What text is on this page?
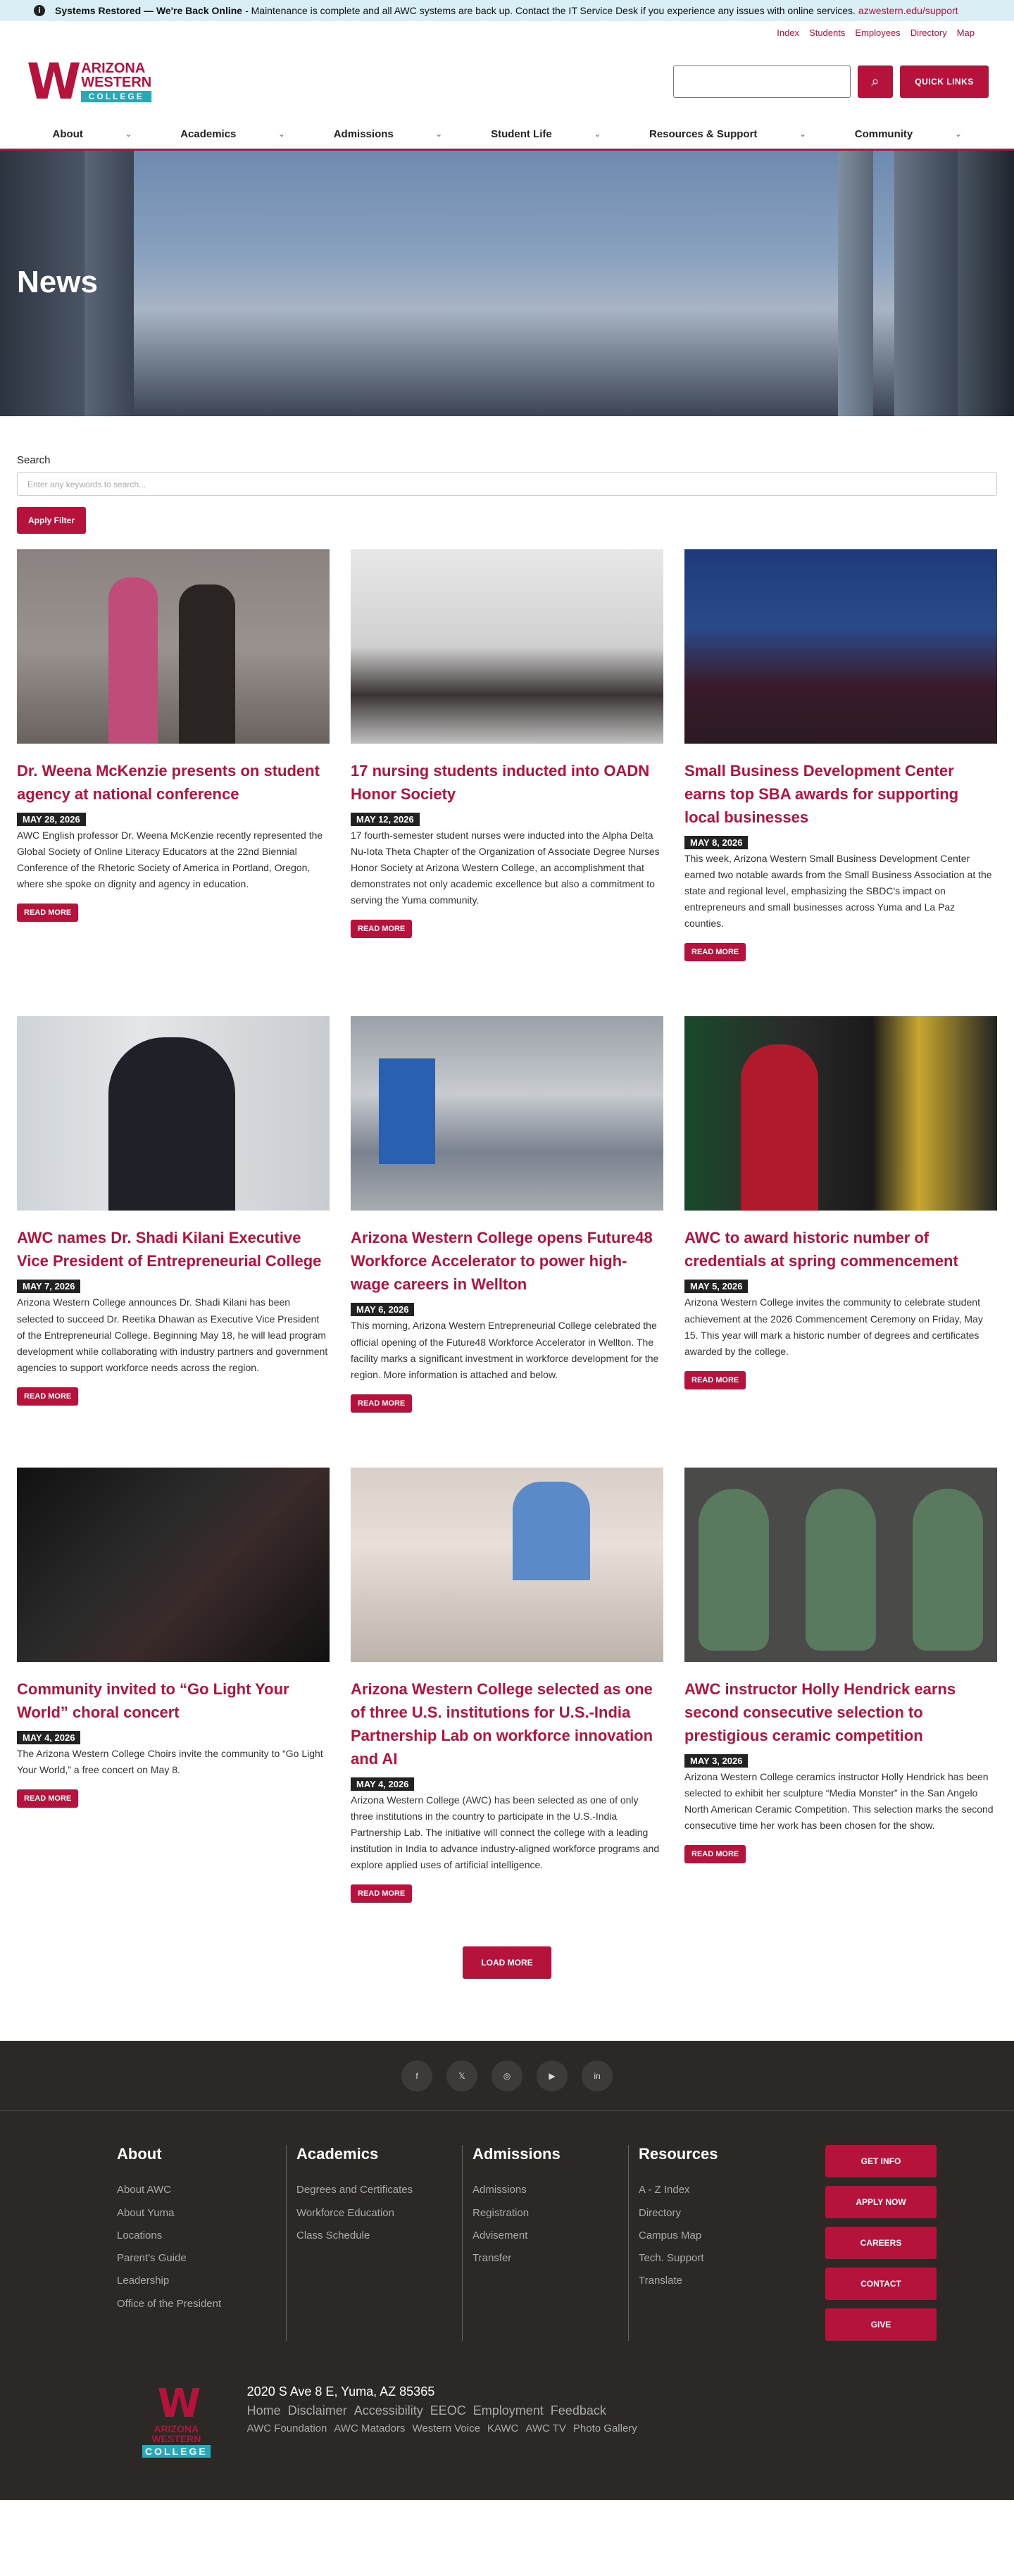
i	Systems Restored — We're Back Online - Maintenance is complete and all AWC systems are back up. Contact the IT Service Desk if you experience any issues with online services. azwestern.edu/support
Index Students Employees Directory Map
W ARIZONA
WESTERN
COLLEGE
⌕	QUICK LINKS
About	⌄	Academics	⌄	Admissions	⌄	Student Life	⌄	Resources & Support	⌄	Community	⌄
News
Search
Enter any keywords to search...
Apply Filter
Dr. Weena McKenzie presents on student agency at national conference
MAY 28, 2026

AWC English professor Dr. Weena McKenzie recently represented the Global Society of Online Literacy Educators at the 22nd Biennial Conference of the Rhetoric Society of America in Portland, Oregon, where she spoke on dignity and agency in education.

READ MORE
17 nursing students inducted into OADN Honor Society
MAY 12, 2026

17 fourth-semester student nurses were inducted into the Alpha Delta Nu-Iota Theta Chapter of the Organization of Associate Degree Nurses Honor Society at Arizona Western College, an accomplishment that demonstrates not only academic excellence but also a commitment to serving the Yuma community.

READ MORE
Small Business Development Center earns top SBA awards for supporting local businesses
MAY 8, 2026

This week, Arizona Western Small Business Development Center earned two notable awards from the Small Business Association at the state and regional level, emphasizing the SBDC's impact on entrepreneurs and small businesses across Yuma and La Paz counties.

READ MORE
AWC names Dr. Shadi Kilani Executive Vice President of Entrepreneurial College
MAY 7, 2026

Arizona Western College announces Dr. Shadi Kilani has been selected to succeed Dr. Reetika Dhawan as Executive Vice President of the Entrepreneurial College. Beginning May 18, he will lead program development while collaborating with industry partners and government agencies to support workforce needs across the region.

READ MORE
Arizona Western College opens Future48 Workforce Accelerator to power high-wage careers in Wellton
MAY 6, 2026

This morning, Arizona Western Entrepreneurial College celebrated the official opening of the Future48 Workforce Accelerator in Wellton. The facility marks a significant investment in workforce development for the region. More information is attached and below.

READ MORE
AWC to award historic number of credentials at spring commencement
MAY 5, 2026

Arizona Western College invites the community to celebrate student achievement at the 2026 Commencement Ceremony on Friday, May 15. This year will mark a historic number of degrees and certificates awarded by the college.

READ MORE
Community invited to “Go Light Your World” choral concert
MAY 4, 2026

The Arizona Western College Choirs invite the community to “Go Light Your World,” a free concert on May 8.

READ MORE
Arizona Western College selected as one of three U.S. institutions for U.S.-India Partnership Lab on workforce innovation and AI
MAY 4, 2026

Arizona Western College (AWC) has been selected as one of only three institutions in the country to participate in the U.S.-India Partnership Lab. The initiative will connect the college with a leading institution in India to advance industry-aligned workforce programs and explore applied uses of artificial intelligence.

READ MORE
AWC instructor Holly Hendrick earns second consecutive selection to prestigious ceramic competition
MAY 3, 2026

Arizona Western College ceramics instructor Holly Hendrick has been selected to exhibit her sculpture “Media Monster” in the San Angelo North American Ceramic Competition. This selection marks the second consecutive time her work has been chosen for the show.

READ MORE
LOAD MORE
f	𝕏	◎	▶	in
About
About AWC
About Yuma
Locations
Parent's Guide
Leadership
Office of the President
Academics
Degrees and Certificates
Workforce Education
Class Schedule
Admissions
Admissions
Registration
Advisement
Transfer
Resources
A - Z Index
Directory
Campus Map
Tech. Support
Translate
GET INFO
APPLY NOW
CAREERS
CONTACT
GIVE
W
ARIZONA
WESTERN
COLLEGE
2020 S Ave 8 E, Yuma, AZ 85365
Home Disclaimer Accessibility EEOC Employment Feedback
AWC Foundation AWC Matadors Western Voice KAWC AWC TV Photo Gallery
